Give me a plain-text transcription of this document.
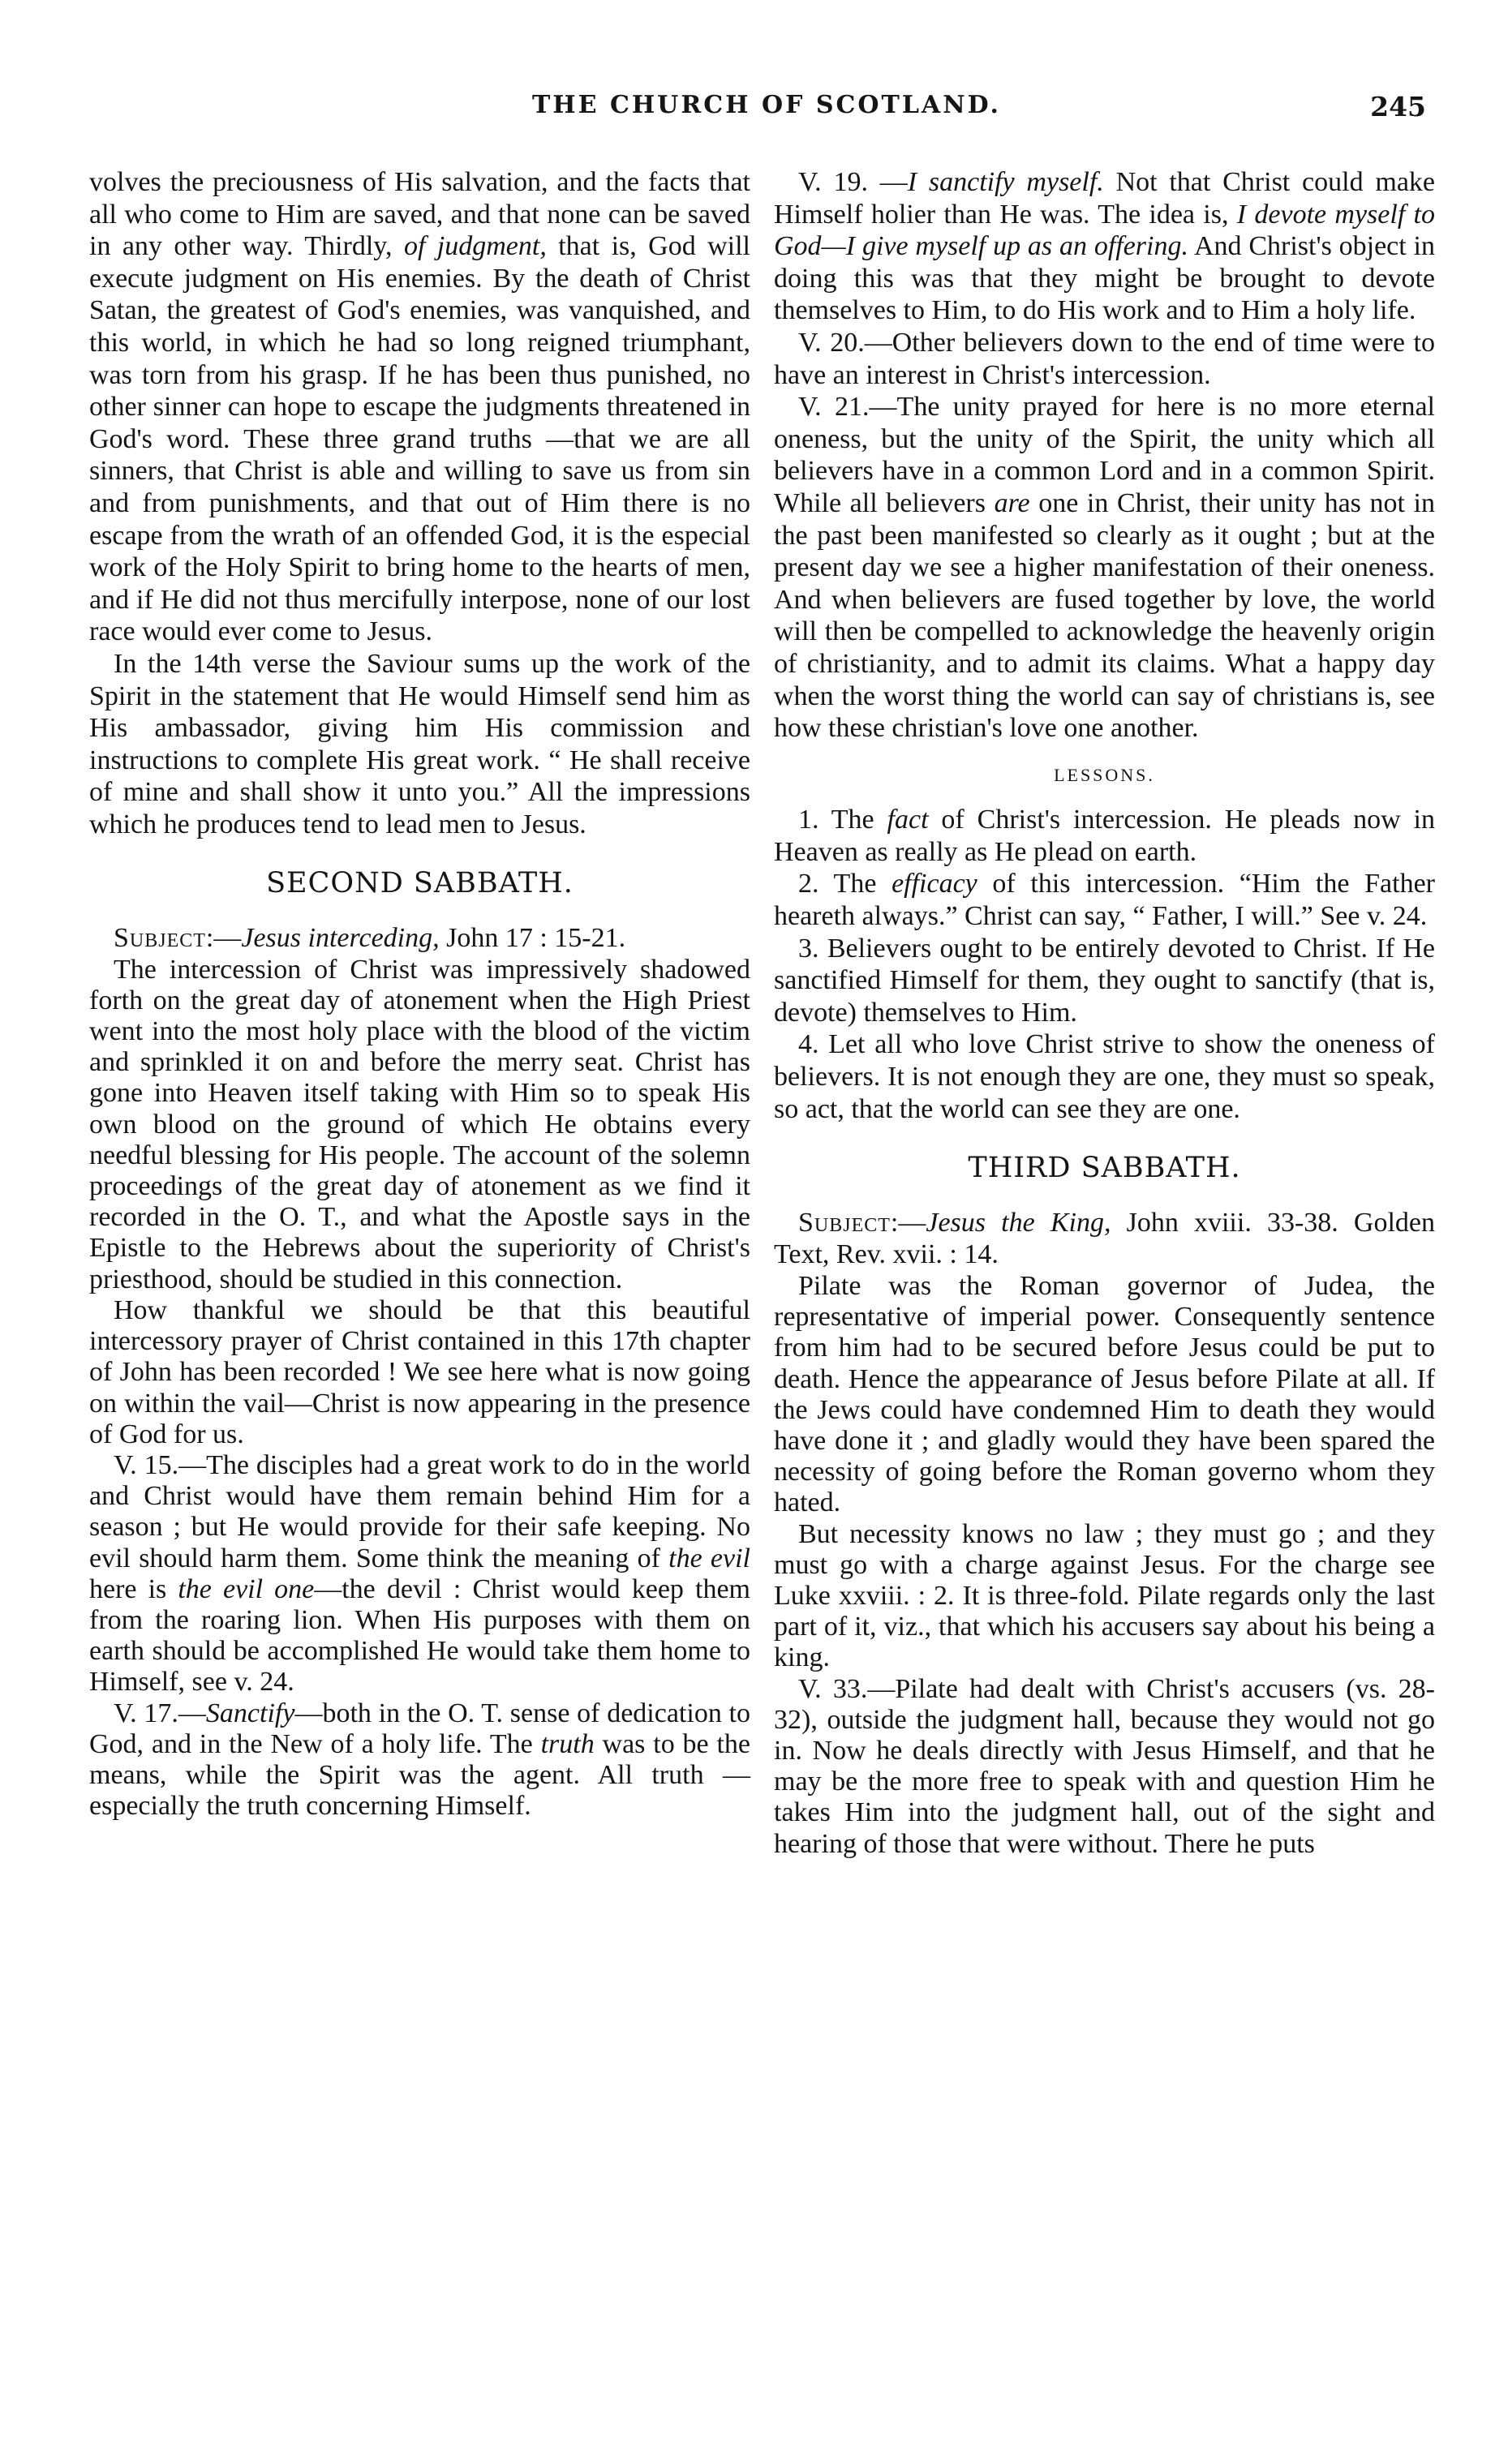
THE CHURCH OF SCOTLAND.	245

volves the preciousness of His salvation, and the facts that all who come to Him are saved, and that none can be saved in any other way. Thirdly, of judgment, that is, God will execute judgment on His enemies. By the death of Christ Satan, the greatest of God's enemies, was vanquished, and this world, in which he had so long reigned triumphant, was torn from his grasp. If he has been thus punished, no other sinner can hope to escape the judgments threatened in God's word. These three grand truths —that we are all sinners, that Christ is able and willing to save us from sin and from punishments, and that out of Him there is no escape from the wrath of an offended God, it is the especial work of the Holy Spirit to bring home to the hearts of men, and if He did not thus mercifully interpose, none of our lost race would ever come to Jesus.

In the 14th verse the Saviour sums up the work of the Spirit in the statement that He would Himself send him as His ambassador, giving him His commission and instructions to complete His great work. “ He shall receive of mine and shall show it unto you.” All the impressions which he produces tend to lead men to Jesus.

SECOND SABBATH.

Subject:—Jesus interceding, John 17 : 15-21.

The intercession of Christ was impressively shadowed forth on the great day of atonement when the High Priest went into the most holy place with the blood of the victim and sprinkled it on and before the merry seat. Christ has gone into Heaven itself taking with Him so to speak His own blood on the ground of which He obtains every needful blessing for His people. The account of the solemn proceedings of the great day of atonement as we find it recorded in the O. T., and what the Apostle says in the Epistle to the Hebrews about the superiority of Christ's priesthood, should be studied in this connection.

How thankful we should be that this beautiful intercessory prayer of Christ contained in this 17th chapter of John has been recorded ! We see here what is now going on within the vail—Christ is now appearing in the presence of God for us.

V. 15.—The disciples had a great work to do in the world and Christ would have them remain behind Him for a season ; but He would provide for their safe keeping. No evil should harm them. Some think the meaning of the evil here is the evil one—the devil : Christ would keep them from the roaring lion. When His purposes with them on earth should be accomplished He would take them home to Himself, see v. 24.

V. 17.—Sanctify—both in the O. T. sense of dedication to God, and in the New of a holy life. The truth was to be the means, while the Spirit was the agent. All truth —especially the truth concerning Himself.

V. 19. —I sanctify myself. Not that Christ could make Himself holier than He was. The idea is, I devote myself to God—I give myself up as an offering. And Christ's object in doing this was that they might be brought to devote themselves to Him, to do His work and to Him a holy life.

V. 20.—Other believers down to the end of time were to have an interest in Christ's intercession.

V. 21.—The unity prayed for here is no more eternal oneness, but the unity of the Spirit, the unity which all believers have in a common Lord and in a common Spirit. While all believers are one in Christ, their unity has not in the past been manifested so clearly as it ought ; but at the present day we see a higher manifestation of their oneness. And when believers are fused together by love, the world will then be compelled to acknowledge the heavenly origin of christianity, and to admit its claims. What a happy day when the worst thing the world can say of christians is, see how these christian's love one another.

LESSONS.

1. The fact of Christ's intercession. He pleads now in Heaven as really as He plead on earth.

2. The efficacy of this intercession. “Him the Father heareth always.” Christ can say, “ Father, I will.” See v. 24.

3. Believers ought to be entirely devoted to Christ. If He sanctified Himself for them, they ought to sanctify (that is, devote) themselves to Him.

4. Let all who love Christ strive to show the oneness of believers. It is not enough they are one, they must so speak, so act, that the world can see they are one.

THIRD SABBATH.

Subject:—Jesus the King, John xviii. 33-38. Golden Text, Rev. xvii. : 14.

Pilate was the Roman governor of Judea, the representative of imperial power. Consequently sentence from him had to be secured before Jesus could be put to death. Hence the appearance of Jesus before Pilate at all. If the Jews could have condemned Him to death they would have done it ; and gladly would they have been spared the necessity of going before the Roman governo whom they hated.

But necessity knows no law ; they must go ; and they must go with a charge against Jesus. For the charge see Luke xxviii. : 2. It is three-fold. Pilate regards only the last part of it, viz., that which his accusers say about his being a king.

V. 33.—Pilate had dealt with Christ's accusers (vs. 28-32), outside the judgment hall, because they would not go in. Now he deals directly with Jesus Himself, and that he may be the more free to speak with and question Him he takes Him into the judgment hall, out of the sight and hearing of those that were without. There he puts
